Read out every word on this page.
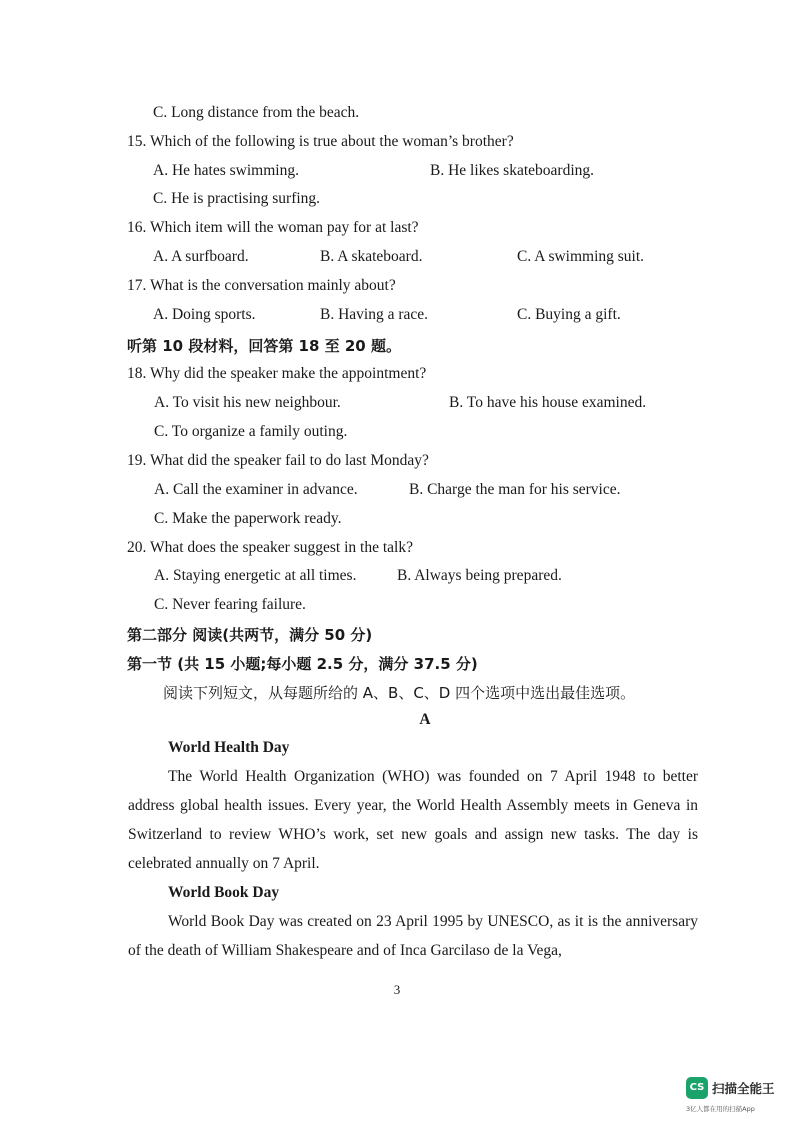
C. Long distance from the beach.
15. Which of the following is true about the woman’s brother?
A. He hates swimming.	B. He likes skateboarding.
C. He is practising surfing.
16. Which item will the woman pay for at last?
A. A surfboard.	B. A skateboard.	C. A swimming suit.
17. What is the conversation mainly about?
A. Doing sports.	B. Having a race.	C. Buying a gift.
听第 10 段材料，回答第 18 至 20 题。
18. Why did the speaker make the appointment?
A. To visit his new neighbour.	B. To have his house examined.
C. To organize a family outing.
19. What did the speaker fail to do last Monday?
A. Call the examiner in advance.	B. Charge the man for his service.
C. Make the paperwork ready.
20. What does the speaker suggest in the talk?
A. Staying energetic at all times.	B. Always being prepared.
C. Never fearing failure.
第二部分 阅读(共两节，满分 50 分)
第一节 (共 15 小题;每小题 2.5 分，满分 37.5 分)
阅读下列短文，从每题所给的 A、B、C、D 四个选项中选出最佳选项。
A
World Health Day
The World Health Organization (WHO) was founded on 7 April 1948 to better address global health issues. Every year, the World Health Assembly meets in Geneva in Switzerland to review WHO’s work, set new goals and assign new tasks. The day is celebrated annually on 7 April.
World Book Day
World Book Day was created on 23 April 1995 by UNESCO, as it is the anniversary of the death of William Shakespeare and of Inca Garcilaso de la Vega,
3
CS 扫描全能王
3亿人都在用的扫描App
